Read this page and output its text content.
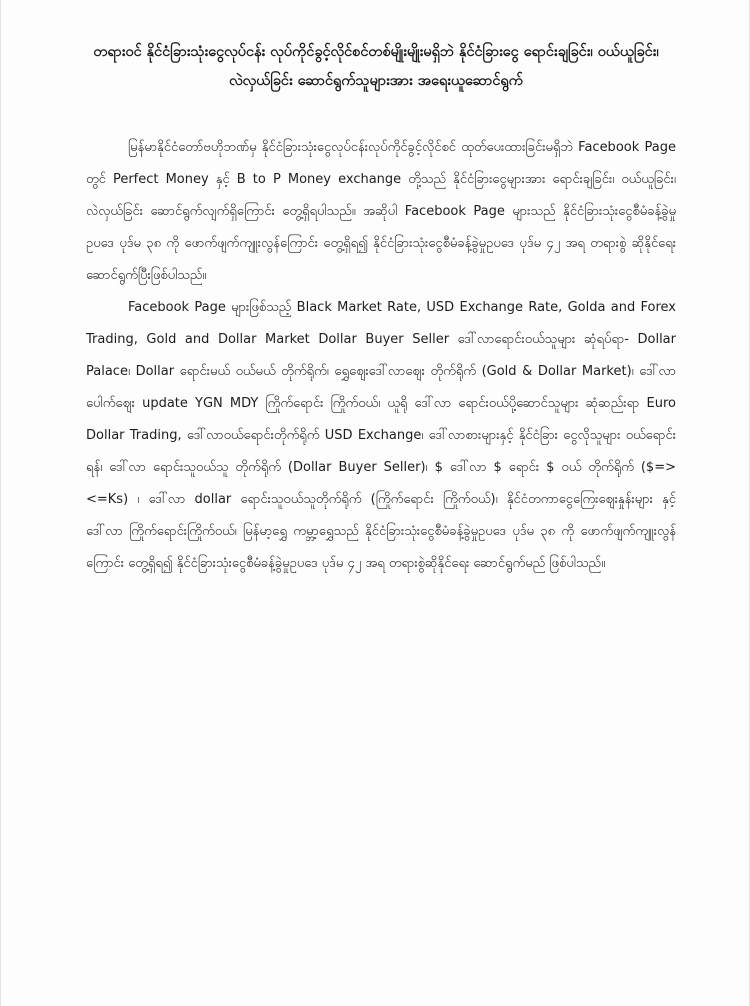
တရားဝင် နိုင်ငံခြားသုံးငွေလုပ်ငန်း လုပ်ကိုင်ခွင့်လိုင်စင်တစ်မျိုးမျိုးမရှိဘဲ နိုင်ငံခြားငွေ ရောင်းချခြင်း၊ ဝယ်ယူခြင်း၊ လဲလှယ်ခြင်း ဆောင်ရွက်သူများအား အရေးယူဆောင်ရွက်

မြန်မာနိုင်ငံတော်ဗဟိုဘဏ်မှ နိုင်ငံခြားသုံးငွေလုပ်ငန်းလုပ်ကိုင်ခွင့်လိုင်စင် ထုတ်ပေးထားခြင်းမရှိဘဲ Facebook Page တွင် Perfect Money နှင့် B to P Money exchange တို့သည် နိုင်ငံခြားငွေများအား ရောင်းချခြင်း၊ ဝယ်ယူခြင်း၊ လဲလှယ်ခြင်း ဆောင်ရွက်လျက်ရှိကြောင်း တွေ့ရှိရပါသည်။ အဆိုပါ Facebook Page များသည် နိုင်ငံခြားသုံးငွေစီမံခန့်ခွဲမှုဥပဒေ ပုဒ်မ ၃၈ ကို ဖောက်ဖျက်ကျူးလွန်ကြောင်း တွေ့ရှိရ၍ နိုင်ငံခြားသုံးငွေစီမံခန့်ခွဲမှုဥပဒေ ပုဒ်မ ၄၂ အရ တရားစွဲ ဆိုနိုင်ရေး ဆောင်ရွက်ပြီးဖြစ်ပါသည်။

Facebook Page များဖြစ်သည့် Black Market Rate, USD Exchange Rate, Golda and Forex Trading, Gold and Dollar Market Dollar Buyer Seller ဒေါ်လာရောင်းဝယ်သူများ ဆုံရပ်ရာ- Dollar Palace၊ Dollar ရောင်းမယ် ဝယ်မယ် တိုက်ရိုက်၊ ရွှေဈေးဒေါ်လာဈေး တိုက်ရိုက် (Gold & Dollar Market)၊ ဒေါ်လာပေါက်ဈေး update YGN MDY ကြိုက်ရောင်း ကြိုက်ဝယ်၊ ယူရို ဒေါ်လာ ရောင်းဝယ်ပို့ဆောင်သူများ ဆုံဆည်းရာ Euro Dollar Trading, ဒေါ်လာဝယ်ရောင်းတိုက်ရိုက် USD Exchange၊ ဒေါ်လာစားများနှင့် နိုင်ငံခြား ငွေလိုသူများ ဝယ်ရောင်းရန်၊ ဒေါ်လာ ရောင်းသူဝယ်သူ တိုက်ရိုက် (Dollar Buyer Seller)၊ $ ဒေါ်လာ $ ရောင်း $ ဝယ် တိုက်ရိုက် ($=><=Ks) ၊ ဒေါ်လာ dollar ရောင်းသူဝယ်သူတိုက်ရိုက် (ကြိုက်ရောင်း ကြိုက်ဝယ်)၊ နိုင်ငံတကာငွေကြေးဈေးနှုန်းများ နှင့် ဒေါ်လာ ကြိုက်ရောင်းကြိုက်ဝယ်၊ မြန်မာ့ရွှေ ကမ္ဘာ့ရွှေသည် နိုင်ငံခြားသုံးငွေစီမံခန့်ခွဲမှုဥပဒေ ပုဒ်မ ၃၈ ကို ဖောက်ဖျက်ကျူးလွန်ကြောင်း တွေ့ရှိရ၍ နိုင်ငံခြားသုံးငွေစီမံခန့်ခွဲမှုဥပဒေ ပုဒ်မ ၄၂ အရ တရားစွဲဆိုနိုင်ရေး ဆောင်ရွက်မည် ဖြစ်ပါသည်။
